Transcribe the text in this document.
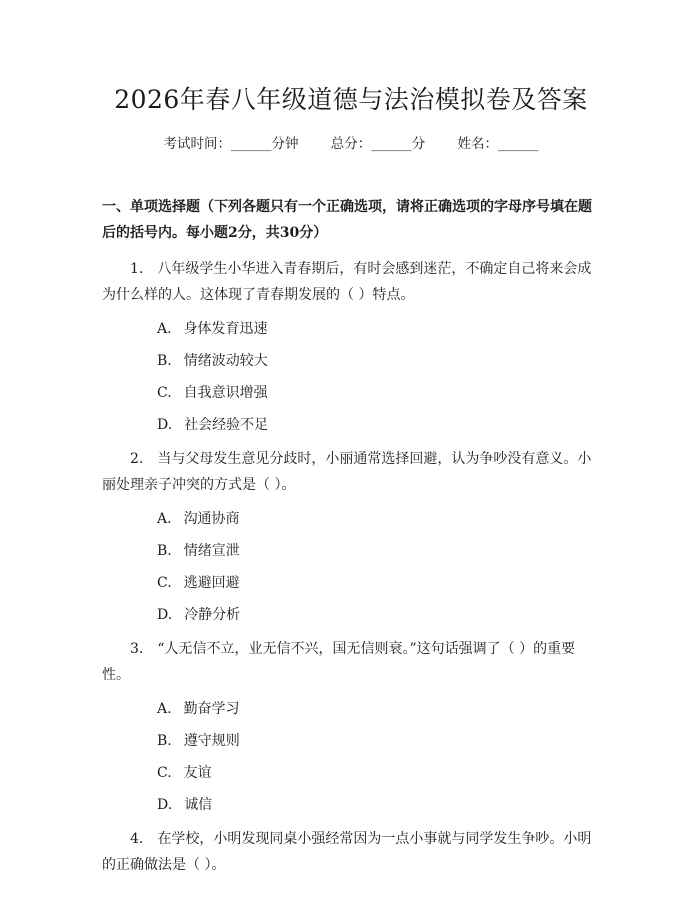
2026年春八年级道德与法治模拟卷及答案
考试时间：______分钟 总分：______分 姓名：______
一、单项选择题（下列各题只有一个正确选项，请将正确选项的字母序号填在题后的括号内。每小题2分，共30分）
1. 八年级学生小华进入青春期后，有时会感到迷茫，不确定自己将来会成为什么样的人。这体现了青春期发展的（ ）特点。
A. 身体发育迅速
B. 情绪波动较大
C. 自我意识增强
D. 社会经验不足
2. 当与父母发生意见分歧时，小丽通常选择回避，认为争吵没有意义。小丽处理亲子冲突的方式是（ ）。
A. 沟通协商
B. 情绪宣泄
C. 逃避回避
D. 冷静分析
3. “人无信不立，业无信不兴，国无信则衰。”这句话强调了（ ）的重要性。
A. 勤奋学习
B. 遵守规则
C. 友谊
D. 诚信
4. 在学校，小明发现同桌小强经常因为一点小事就与同学发生争吵。小明的正确做法是（ ）。
